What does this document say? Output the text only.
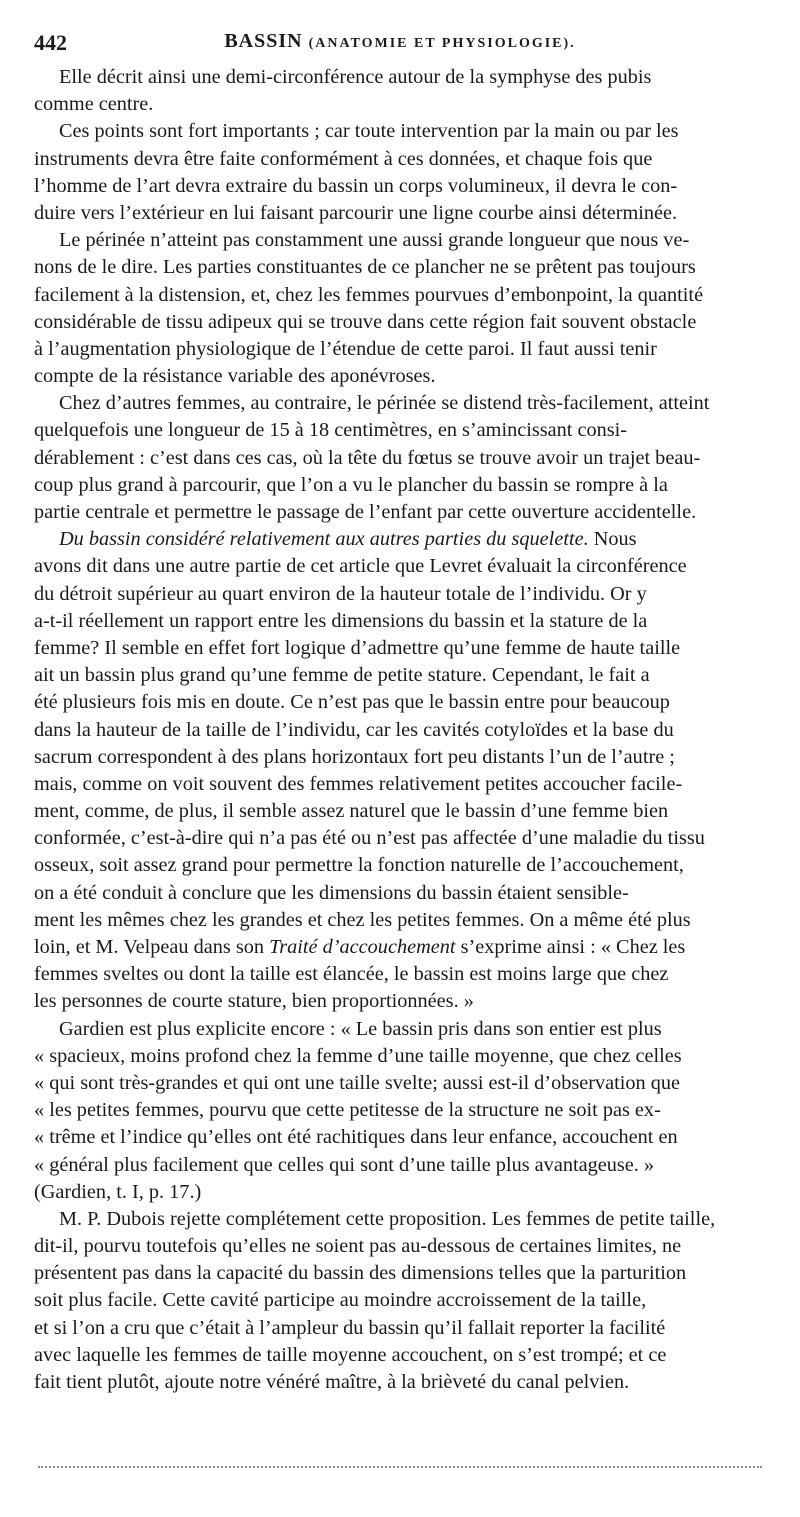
442	BASSIN (ANATOMIE ET PHYSIOLOGIE).
Elle décrit ainsi une demi-circonférence autour de la symphyse des pubis
comme centre.
Ces points sont fort importants ; car toute intervention par la main ou par les
instruments devra être faite conformément à ces données, et chaque fois que
l’homme de l’art devra extraire du bassin un corps volumineux, il devra le con-
duire vers l’extérieur en lui faisant parcourir une ligne courbe ainsi déterminée.
Le périnée n’atteint pas constamment une aussi grande longueur que nous ve-
nons de le dire. Les parties constituantes de ce plancher ne se prêtent pas toujours
facilement à la distension, et, chez les femmes pourvues d’embonpoint, la quantité
considérable de tissu adipeux qui se trouve dans cette région fait souvent obstacle
à l’augmentation physiologique de l’étendue de cette paroi. Il faut aussi tenir
compte de la résistance variable des aponévroses.
Chez d’autres femmes, au contraire, le périnée se distend très-facilement, atteint
quelquefois une longueur de 15 à 18 centimètres, en s’amincissant consi-
dérablement : c’est dans ces cas, où la tête du fœtus se trouve avoir un trajet beau-
coup plus grand à parcourir, que l’on a vu le plancher du bassin se rompre à la
partie centrale et permettre le passage de l’enfant par cette ouverture accidentelle.
Du bassin considéré relativement aux autres parties du squelette. Nous
avons dit dans une autre partie de cet article que Levret évaluait la circonférence
du détroit supérieur au quart environ de la hauteur totale de l’individu. Or y
a-t-il réellement un rapport entre les dimensions du bassin et la stature de la
femme? Il semble en effet fort logique d’admettre qu’une femme de haute taille
ait un bassin plus grand qu’une femme de petite stature. Cependant, le fait a
été plusieurs fois mis en doute. Ce n’est pas que le bassin entre pour beaucoup
dans la hauteur de la taille de l’individu, car les cavités cotyloïdes et la base du
sacrum correspondent à des plans horizontaux fort peu distants l’un de l’autre ;
mais, comme on voit souvent des femmes relativement petites accoucher facile-
ment, comme, de plus, il semble assez naturel que le bassin d’une femme bien
conformée, c’est-à-dire qui n’a pas été ou n’est pas affectée d’une maladie du tissu
osseux, soit assez grand pour permettre la fonction naturelle de l’accouchement,
on a été conduit à conclure que les dimensions du bassin étaient sensible-
ment les mêmes chez les grandes et chez les petites femmes. On a même été plus
loin, et M. Velpeau dans son Traité d’accouchement s’exprime ainsi : « Chez les
femmes sveltes ou dont la taille est élancée, le bassin est moins large que chez
les personnes de courte stature, bien proportionnées. »
Gardien est plus explicite encore : « Le bassin pris dans son entier est plus
« spacieux, moins profond chez la femme d’une taille moyenne, que chez celles
« qui sont très-grandes et qui ont une taille svelte; aussi est-il d’observation que
« les petites femmes, pourvu que cette petitesse de la structure ne soit pas ex-
« trême et l’indice qu’elles ont été rachitiques dans leur enfance, accouchent en
« général plus facilement que celles qui sont d’une taille plus avantageuse. »
(Gardien, t. I, p. 17.)
M. P. Dubois rejette complétement cette proposition. Les femmes de petite taille,
dit-il, pourvu toutefois qu’elles ne soient pas au-dessous de certaines limites, ne
présentent pas dans la capacité du bassin des dimensions telles que la parturition
soit plus facile. Cette cavité participe au moindre accroissement de la taille,
et si l’on a cru que c’était à l’ampleur du bassin qu’il fallait reporter la facilité
avec laquelle les femmes de taille moyenne accouchent, on s’est trompé; et ce
fait tient plutôt, ajoute notre vénéré maître, à la brièveté du canal pelvien.
